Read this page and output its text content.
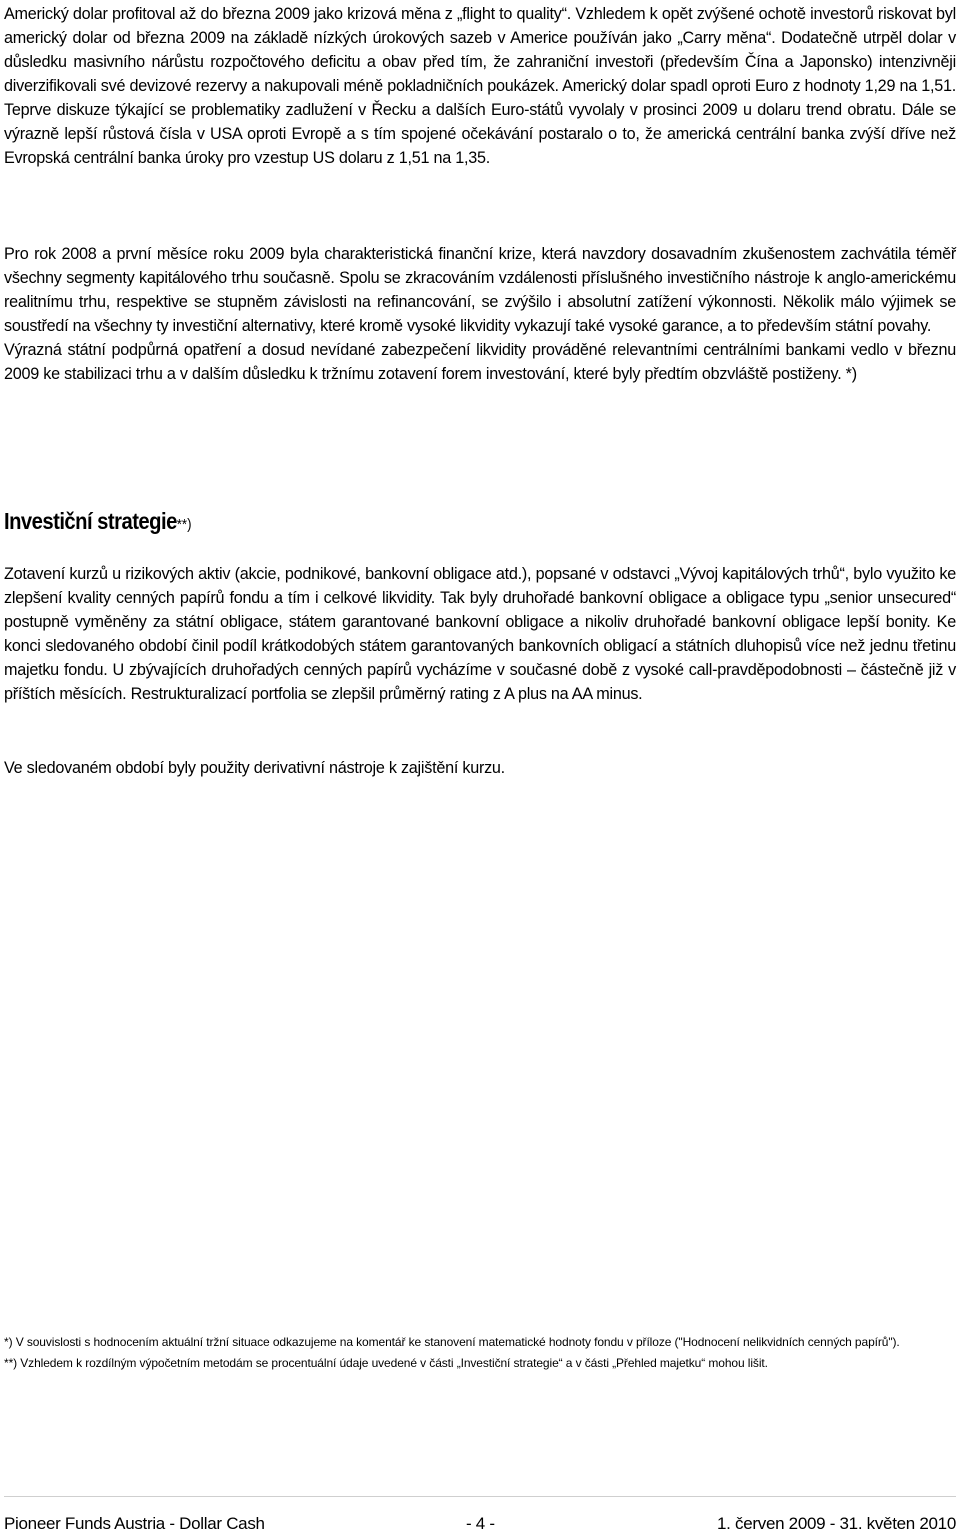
Americký dolar profitoval až do března 2009 jako krizová měna z „flight to quality“. Vzhledem k opět zvýšené ochotě investorů riskovat byl americký dolar od března 2009 na základě nízkých úrokových sazeb v Americe používán jako „Carry měna“. Dodatečně utrpěl dolar v důsledku masivního nárůstu rozpočtového deficitu a obav před tím, že zahraniční investoři (především Čína a Japonsko) intenzivněji diverzifikovali své devizové rezervy a nakupovali méně pokladničních poukázek. Americký dolar spadl oproti Euro z hodnoty 1,29 na 1,51. Teprve diskuze týkající se problematiky zadlužení v Řecku a dalších Euro-států vyvolaly v prosinci 2009 u dolaru trend obratu. Dále se výrazně lepší růstová čísla v USA oproti Evropě a s tím spojené očekávání postaralo o to, že americká centrální banka zvýší dříve než Evropská centrální banka úroky pro vzestup US dolaru z 1,51 na 1,35.

Pro rok 2008 a první měsíce roku 2009 byla charakteristická finanční krize, která navzdory dosavadním zkušenostem zachvátila téměř všechny segmenty kapitálového trhu současně. Spolu se zkracováním vzdálenosti příslušného investičního nástroje k anglo-americkému realitnímu trhu, respektive se stupněm závislosti na refinancování, se zvýšilo i absolutní zatížení výkonnosti. Několik málo výjimek se soustředí na všechny ty investiční alternativy, které kromě vysoké likvidity vykazují také vysoké garance, a to především státní povahy.

Výrazná státní podpůrná opatření a dosud nevídané zabezpečení likvidity prováděné relevantními centrálními bankami vedlo v březnu 2009 ke stabilizaci trhu a v dalším důsledku k tržnímu zotavení forem investování, které byly předtím obzvláště postiženy. *)

Investiční strategie**)

Zotavení kurzů u rizikových aktiv (akcie, podnikové, bankovní obligace atd.), popsané v odstavci „Vývoj kapitálových trhů“, bylo využito ke zlepšení kvality cenných papírů fondu a tím i celkové likvidity. Tak byly druhořadé bankovní obligace a obligace typu „senior unsecured“ postupně vyměněny za státní obligace, státem garantované bankovní obligace a nikoliv druhořadé bankovní obligace lepší bonity. Ke konci sledovaného období činil podíl krátkodobých státem garantovaných bankovních obligací a státních dluhopisů více než jednu třetinu majetku fondu. U zbývajících druhořadých cenných papírů vycházíme v současné době z vysoké call-pravděpodobnosti – částečně již v příštích měsících. Restrukturalizací portfolia se zlepšil průměrný rating z A plus na AA minus.

Ve sledovaném období byly použity derivativní nástroje k zajištění kurzu.

*) V souvislosti s hodnocením aktuální tržní situace odkazujeme na komentář ke stanovení matematické hodnoty fondu v příloze ("Hodnocení nelikvidních cenných papírů").

**) Vzhledem k rozdílným výpočetním metodám se procentuální údaje uvedené v části „Investiční strategie“ a v části „Přehled majetku“ mohou lišit.

Pioneer Funds Austria - Dollar Cash	- 4 -	1. červen 2009 - 31. květen 2010
